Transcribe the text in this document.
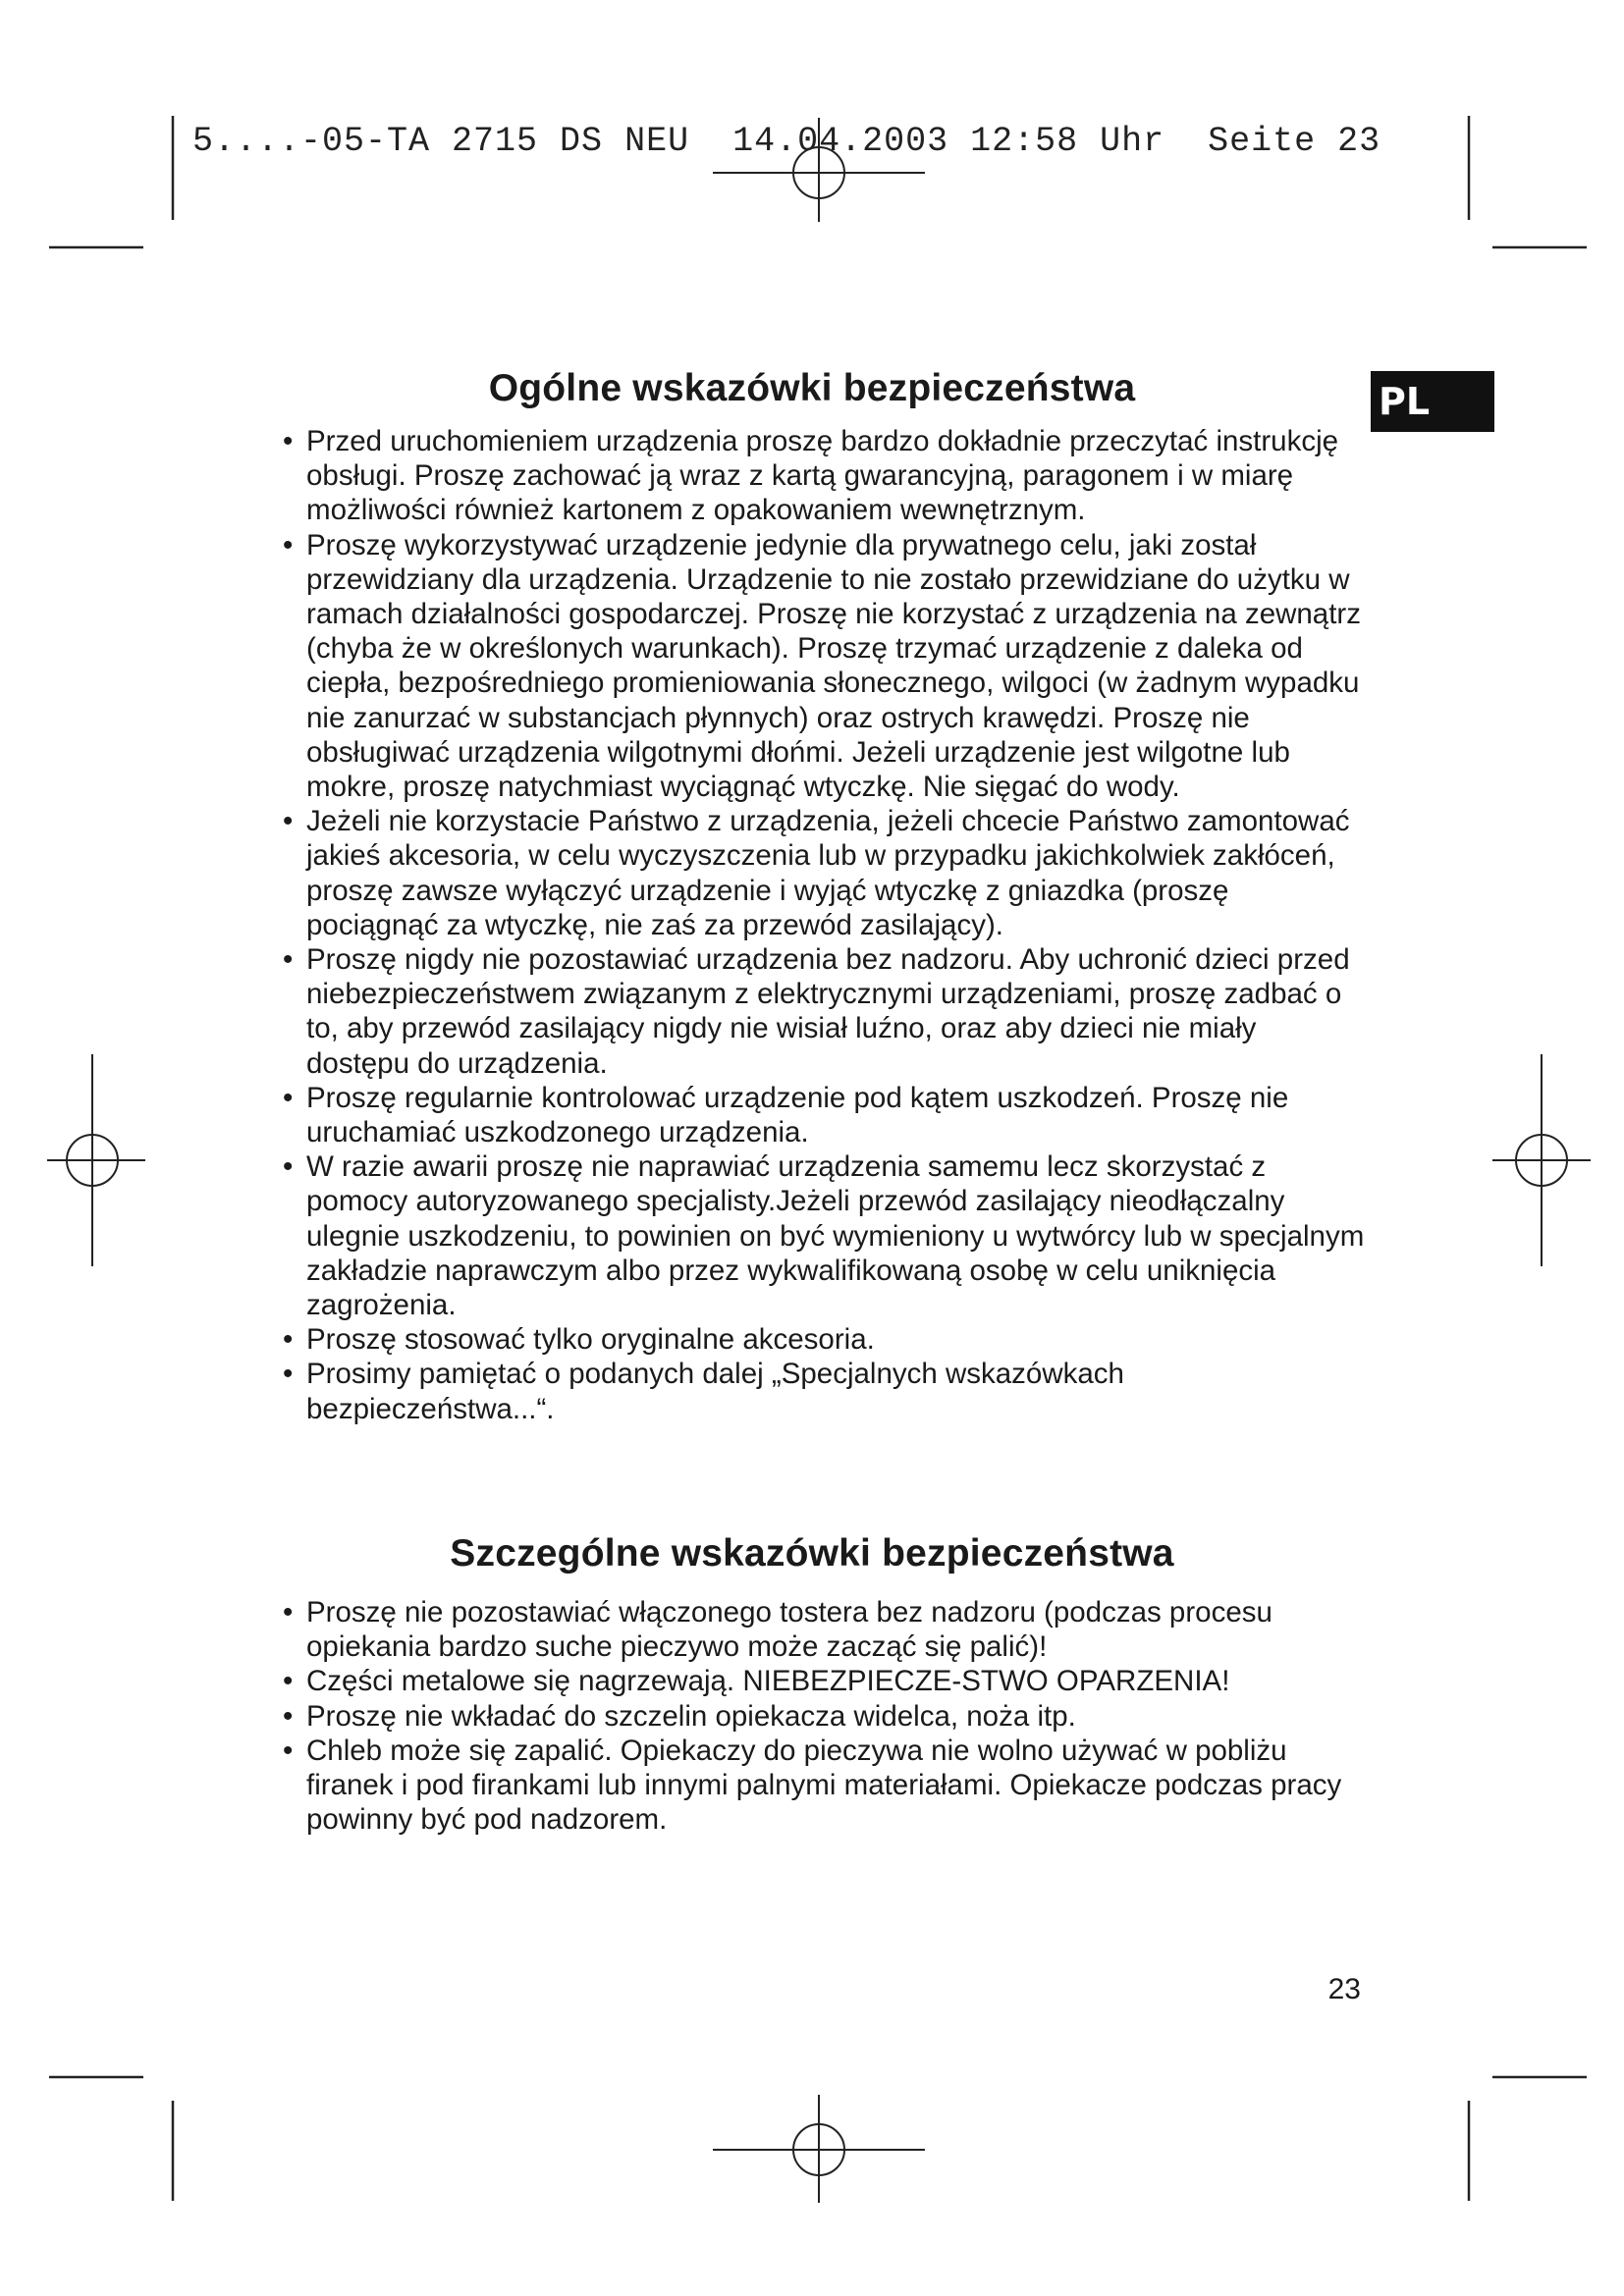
5....-05-TA 2715 DS NEU  14.04.2003 12:58 Uhr  Seite 23
PL
Ogólne wskazówki bezpieczeństwa
• Przed uruchomieniem urządzenia proszę bardzo dokładnie przeczytać instrukcję obsługi. Proszę zachować ją wraz z kartą gwarancyjną, paragonem i w miarę możliwości również kartonem z opakowaniem wewnętrznym.
• Proszę wykorzystywać urządzenie jedynie dla prywatnego celu, jaki został przewidziany dla urządzenia. Urządzenie to nie zostało przewidziane do użytku w ramach działalności gospodarczej. Proszę nie korzystać z urządzenia na zewnątrz (chyba że w określonych warunkach). Proszę trzymać urządzenie z daleka od ciepła, bezpośredniego promieniowania słonecznego, wilgoci (w żadnym wypadku nie zanurzać w substancjach płynnych) oraz ostrych krawędzi. Proszę nie obsługiwać urządzenia wilgotnymi dłońmi. Jeżeli urządzenie jest wilgotne lub mokre, proszę natychmiast wyciągnąć wtyczkę. Nie sięgać do wody.
• Jeżeli nie korzystacie Państwo z urządzenia, jeżeli chcecie Państwo zamontować jakieś akcesoria, w celu wyczyszczenia lub w przypadku jakichkolwiek zakłóceń, proszę zawsze wyłączyć urządzenie i wyjąć wtyczkę z gniazdka (proszę pociągnąć za wtyczkę, nie zaś za przewód zasilający).
• Proszę nigdy nie pozostawiać urządzenia bez nadzoru. Aby uchronić dzieci przed niebezpieczeństwem związanym z elektrycznymi urządzeniami, proszę zadbać o to, aby przewód zasilający nigdy nie wisiał luźno, oraz aby dzieci nie miały dostępu do urządzenia.
• Proszę regularnie kontrolować urządzenie pod kątem uszkodzeń. Proszę nie uruchamiać uszkodzonego urządzenia.
• W razie awarii proszę nie naprawiać urządzenia samemu lecz skorzystać z pomocy autoryzowanego specjalisty.Jeżeli przewód zasilający nieodłączalny ulegnie uszkodzeniu, to powinien on być wymieniony u wytwórcy lub w specjalnym zakładzie naprawczym albo przez wykwalifikowaną osobę w celu uniknięcia zagrożenia.
• Proszę stosować tylko oryginalne akcesoria.
• Prosimy pamiętać o podanych dalej „Specjalnych wskazówkach bezpieczeństwa...“.
Szczególne wskazówki bezpieczeństwa
• Proszę nie pozostawiać włączonego tostera bez nadzoru (podczas procesu opiekania bardzo suche pieczywo może zacząć się palić)!
• Części metalowe się nagrzewają. NIEBEZPIECZE-STWO OPARZENIA!
• Proszę nie wkładać do szczelin opiekacza widelca, noża itp.
• Chleb może się zapalić. Opiekaczy do pieczywa nie wolno używać w pobliżu firanek i pod firankami lub innymi palnymi materiałami. Opiekacze podczas pracy powinny być pod nadzorem.
23
